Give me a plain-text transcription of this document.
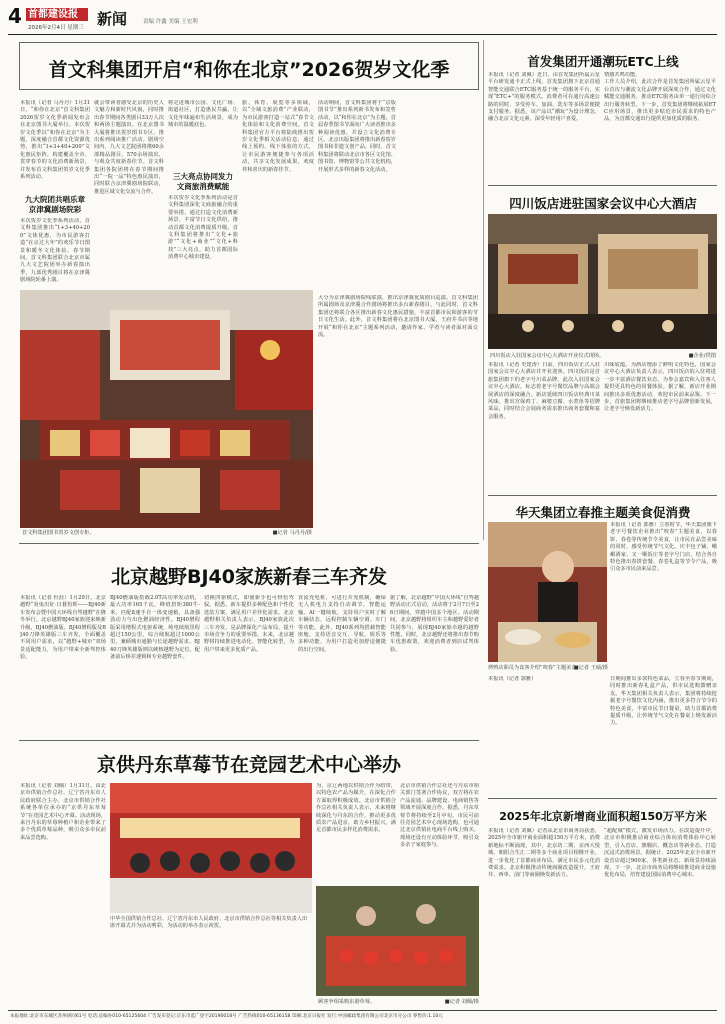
4 首都建设报
2026年2月4日 星期三 新闻	责编 许鑫 美编 王宏利
首文科集团开启“和你在北京”2026贺岁文化季
本报讯（记者 马丹丹）1月31日，“和你在北京”首文科集团2026贺岁文化季新闻发布会在北京图书大厦举行。本次贺岁文化季以“和你在北京”为主题，深度融合首都文化资源优势，推出“1+3+40+200”文化惠民矩阵，构建覆盖全市、贯穿春节的文化消费新场景，并发布首文科集团贺岁文化季系列活动。
九大院团共唱乐章
京津冀剧场院彩
本次贺岁文化季系列活动，首文科集团推出“1+3+40+200”文体优惠，为市民游客打造“在京过大年”的欢乐节日图景和暖冬文化体验。春节期间，首文科集团联合北京市属九大文艺院团举办新春演出季，九部优秀剧目将在京津冀剧场院轮番上演。
就会带读者感受北京的历史人文魅力和新时代风貌，同时推出春节期间各类剧目33万人次和两场主题演出。在北京图书大厦将推出贺岁图书专区，推出系列阅读推广活动。剧场空间内，九大文艺院团将携60余部精品剧目、570余场演出，与观众共度新春佳节。首文科集团各院团将在春节期间推出“一院一品”特色惠民演出，同时联合京津冀剧场院联动，推进区域文化交流与合作。
将走进城市公园、文化广场、街道社区，打造惠民共赢，让文化年味遍布生活场景，成为城市的温暖底色。
三大亮点协同发力
文商旅消费赋能
本次贺岁文化季系列活动是首文科集团深化文商旅融合的重要举措，通过打造文化消费新场景、丰富节日文化供给，推动首都文化消费提质升级。首文科集团将推出“文化+旅游”“文化+商业”“文化+科技”三大亮点，助力首都国际消费中心城市建设。
旅、体育、展览等多领域，以“全域文旅消费”产业联动，为市民游客打造一站式“春节文化体验和文化消费空间。首文科集团官方平台将陆续推出贺岁文化季相关活动信息，通过线上预约、线下体验的方式，让市民游客便捷参与各项活动，共享文化发展成果，欢度祥和喜庆的新春佳节。
活动期间，首文科集团将于“京版图书节”推出系列新书发布和签售活动，以“和你在北京”为主题，首届春季图书节面向广大读者推出多种阅读优惠，并设立文化消费专区。北京出版集团将推出新春贺岁图书和非遗文创产品。同时，首文科集团将联动北京市各区文化馆、图书馆、博物馆等公共文化机构，开展形式多样的新春文化活动。
大分为京津冀剧场院线联演，推出京津冀优质剧目巡演。首文科集团所属剧场及京津冀合作剧场将推出多台新春剧目。与此同时，首文科集团还将联合各区推出新春文化惠民措施，丰富首都市民和游客的节日文化生活。此外，首文科集团将在北京图书大厦、王府井书店等地开展“和你在北京”主题系列活动，邀请作家、学者与读者面对面交流。
首文科集团图书贺岁文创专柜。	■记者 马丹丹/摄
首发集团开通潮玩ETC上线
本报讯（记者 刘佩）近日，由首发集团所属云星平台研发通卡正式上线，首发集团旗下北京首通智能交通联合ETC服务基于统一的服务平台，实现“ETC+”的服务模式。消费者可在通行高速公路的同时，享受停车、加油、洗车等多场景便捷支付服务。据悉，该产品以“潮玩”为设计理念，融合北京文化元素，深受年轻用户喜爱。
情感共鸣功能。
工作人员介绍，此次合作是首发集团所属云星平台首次与潮流文化品牌开展深度合作，通过文化赋能交通服务，推动ETC服务由单一通行向综合出行服务转型。下一步，首发集团将继续拓展ETC应用场景，推出更多贴近市民需求的特色产品，为首都交通出行提供更加优质的服务。
四川饭店进驻国家会议中心大酒店
四川饭店入驻国家会议中心大酒店开业仪式现场。	■企业/供图
本报讯（记者 史建涛）日前，四川饭店正式入驻国家会议中心大酒店并开业迎客。四川饭店是首旅集团旗下的老字号川菜品牌，此次入驻国家会议中心大酒店，标志着老字号餐饮品牌与高端会展酒店的深度融合。新店延续四川饭店经典川菜风味，推出宫保鸡丁、麻婆豆腐、水煮鱼等招牌菜品，同时结合会展商务需求推出商务套餐和宴会服务。
川味底蕴。为酒店增添了鲜明文化特色，国家会议中心大酒店负责人表示，四川饭店的入驻将进一步丰富酒店餐饮业态，为参会嘉宾和入住客人提供更具特色的用餐体验。据了解，新店开业期间推出多项优惠活动，欢迎市民前来品鉴。下一步，首旅集团将继续推动老字号品牌创新发展，让老字号焕发新活力。
华天集团立春推主题美食促消费
烤鸭店职员为食客介绍“咬春”主题美食。
■记者 王硕/摄
本报讯（记者 郭雅）立春时节，华天集团旗下老字号餐饮企业推出“咬春”主题美食，以春饼、春卷等传统节令美食，让市民在品尝美味的同时，感受传统节气文化。庆丰包子铺、峨嵋酒家、又一顺饭庄等老字号门店，结合各自特色推出春饼套餐、春卷礼盒等节令产品，吸引众多市民前来品尝。
日期间推出多款特色菜品，立春至春节期间，同时推出新春礼盒产品，供市民选购馈赠亲友。华天集团相关负责人表示，集团将持续挖掘老字号餐饮文化内涵，推出更多符合节令的特色美食，丰富市民节日餐桌，助力首都消费提质升级，让传统节气文化在餐桌上焕发新活力。
本报讯（记者 郭雅）
2025年北京新增商业面积超150万平方米
本报讯（记者 刘佩）记者从北京市商务局获悉，2025年全市新开商业面积超150万平方米，消费新地标不断涌现。其中，北京坊二期、京西大悦城、朝阳合生汇二期等多个商业项目相继开业，进一步优化了首都商业布局，满足市民多元化消费需求。北京积极推动传统商圈改造提升，王府井、西单、前门等商圈焕发新活力。
“超配城”模式，激发市场活力。在改造提升中，北京市积极推动商业综合体向消费体验中心转型，引入首店、旗舰店、概念店等新业态，打造沉浸式消费场景。据统计，2025年北京全市新开设首店超过900家，各类新业态、新场景持续涌现。下一步，北京市商务局将继续推进商业设施优化布局，培育建设国际消费中心城市。
北京越野BJ40家族新春三车齐发
本报讯（记者 杜涯）1月29日，北京越野“炎兔出征·日暮恒晖——BJ40新车发布会暨中国大环线自驾越野”在隆冬举行。北京越野BJ40家族迎来焕新升级，BJ40燃油版、BJ40增程版及BJ40刀锋英雄版三车齐发，全面覆盖不同用户需求，以“越野+城市”双场景适配能力，为用户带来全新驾控体验。
BJ40燃油版搭载2.0T高功率发动机，最大功率165千瓦，峰值扭矩380牛·米，匹配8速手自一体变速箱，具备强劲动力与出色燃油经济性。BJ40增程版采用增程式电驱系统，纯电续航里程超过150公里，综合续航超过1000公里，兼顾城市通勤与长途越野需求。BJ40刀锋英雄版则以硬核越野为定位，配备前后桥差速锁和专业越野套件。
切换四驱模式，即使新手也可轻松驾驭。据悉，新车提供多种配色和个性化选装方案，满足用户差异化需求。北京越野相关负责人表示，BJ40家族此次三车齐发，是品牌深化产品布局、提升市场竞争力的重要举措。未来，北京越野将持续推进电动化、智能化转型，为用户带来更多优质产品。
直流充电桩，可进行并充机制，确保无人机电力支持自动调节，智能运输。AI一键续航，支持用户实时了解车辆状态，远程控制车辆空调、车门等功能。此外，BJ40系列均搭载智能座舱，支持语音交互、导航、娱乐等多种功能，为用户打造更加舒适便捷的出行空间。
据了解，北京越野“中国大环线”自驾越野活动正式启动，活动将于2月7日至26日期间，穿越中国多个地区。活动期间，北京越野将组织车主和越野爱好者共同参与，展现BJ40家族卓越的越野性能。同时，北京越野还将推出春节购车优惠政策，欢迎消费者到店试驾体验。
京供丹东草莓节在竞园艺术中心举办
本报讯（记者 刘佩）1月31日，由北京市供销合作总社、辽宁省丹东市人民政府联合主办，北京市供销合作社系统各单位承办的“京供丹东草莓节”在竞园艺术中心开幕。活动现场，来自丹东的草莓种植户和企业带来了多个优质草莓品种，吸引众多市民前来品尝选购。
中华全国供销合作总社、辽宁省丹东市人民政府、北京市供销合作总社等相关负责人出席开幕式并为活动剪彩，为活动的举办表示祝贺。
为，京辽两地以供销合作为纽带，以特色农产品为媒介，在深化合作方面取得积极成效。北京市供销合作总社相关负责人表示，未来将继续深化与丹东的合作，推动更多优质农产品进京，助力乡村振兴，满足首都市民多样化消费需求。
北京市供销合作总社还与丹东市相关部门签署合作协议，双方将在农产品流通、品牌建设、电商销售等领域开展深度合作。据悉，丹东草莓节将持续至2月中旬，市民可前往竞园艺术中心现场选购，也可通过北京供销社电商平台线上购买。现场还设有互动体验环节，吸引众多亲子家庭参与。
顾客争相采购东港草莓。	■记者 刘佩/摄
本报地址:北京市东城区苏州胡同61号 电话:总编办010-65125604 广告发布登记:京东市监广登字20190018号 广告热线010-65136158 印刷:北京日报社 发行:中国邮政集团有限公司北京市分公司 零售价:1.10元
